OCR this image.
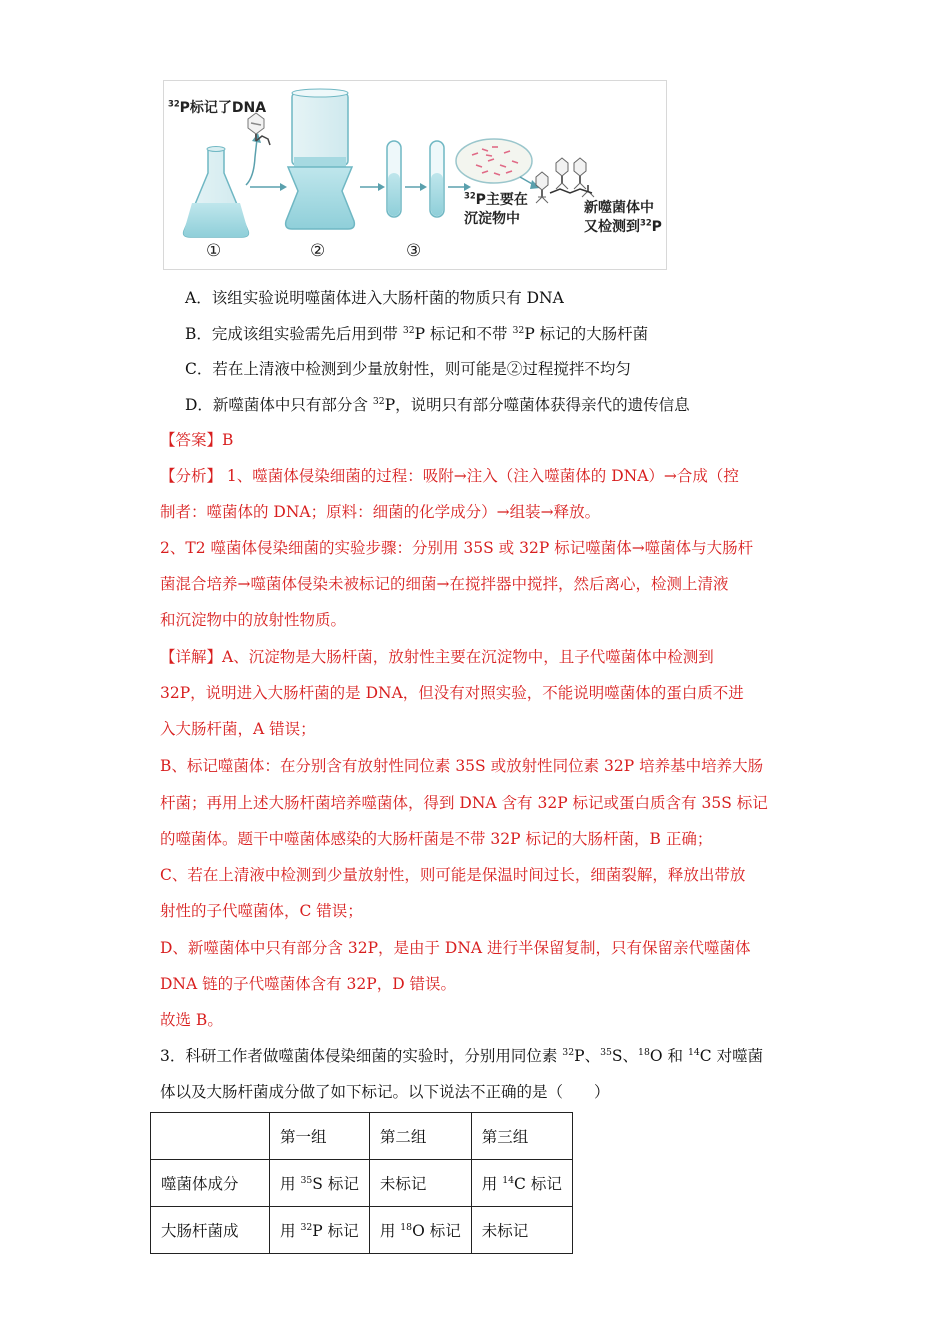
$^{32}$P标记了DNA
$^{32}$P主要在
沉淀物中
新噬菌体中
又检测到$^{32}$P
①	②	③
A．该组实验说明噬菌体进入大肠杆菌的物质只有 DNA
B．完成该组实验需先后用到带 $^{32}$P 标记和不带 $^{32}$P 标记的大肠杆菌
C．若在上清液中检测到少量放射性，则可能是②过程搅拌不均匀
D．新噬菌体中只有部分含 $^{32}$P，说明只有部分噬菌体获得亲代的遗传信息
【答案】B
【分析】 1、噬菌体侵染细菌的过程：吸附→注入（注入噬菌体的 DNA）→合成（控
制者：噬菌体的 DNA；原料：细菌的化学成分）→组装→释放。
2、T2 噬菌体侵染细菌的实验步骤：分别用 35S 或 32P 标记噬菌体→噬菌体与大肠杆
菌混合培养→噬菌体侵染未被标记的细菌→在搅拌器中搅拌，然后离心，检测上清液
和沉淀物中的放射性物质。
【详解】A、沉淀物是大肠杆菌，放射性主要在沉淀物中，且子代噬菌体中检测到
32P，说明进入大肠杆菌的是 DNA，但没有对照实验，不能说明噬菌体的蛋白质不进
入大肠杆菌，A 错误；
B、标记噬菌体：在分别含有放射性同位素 35S 或放射性同位素 32P 培养基中培养大肠
杆菌；再用上述大肠杆菌培养噬菌体，得到 DNA 含有 32P 标记或蛋白质含有 35S 标记
的噬菌体。题干中噬菌体感染的大肠杆菌是不带 32P 标记的大肠杆菌，B 正确；
C、若在上清液中检测到少量放射性，则可能是保温时间过长，细菌裂解，释放出带放
射性的子代噬菌体，C 错误；
D、新噬菌体中只有部分含 32P，是由于 DNA 进行半保留复制，只有保留亲代噬菌体
DNA 链的子代噬菌体含有 32P，D 错误。
故选 B。
3．科研工作者做噬菌体侵染细菌的实验时，分别用同位素 $^{32}$P、$^{35}$S、$^{18}$O 和 $^{14}$C 对噬菌
体以及大肠杆菌成分做了如下标记。以下说法不正确的是（　　）
	第一组	第二组	第三组
噬菌体成分	用 $^{35}$S 标记	未标记	用 $^{14}$C 标记
大肠杆菌成	用 $^{32}$P 标记	用 $^{18}$O 标记	未标记
